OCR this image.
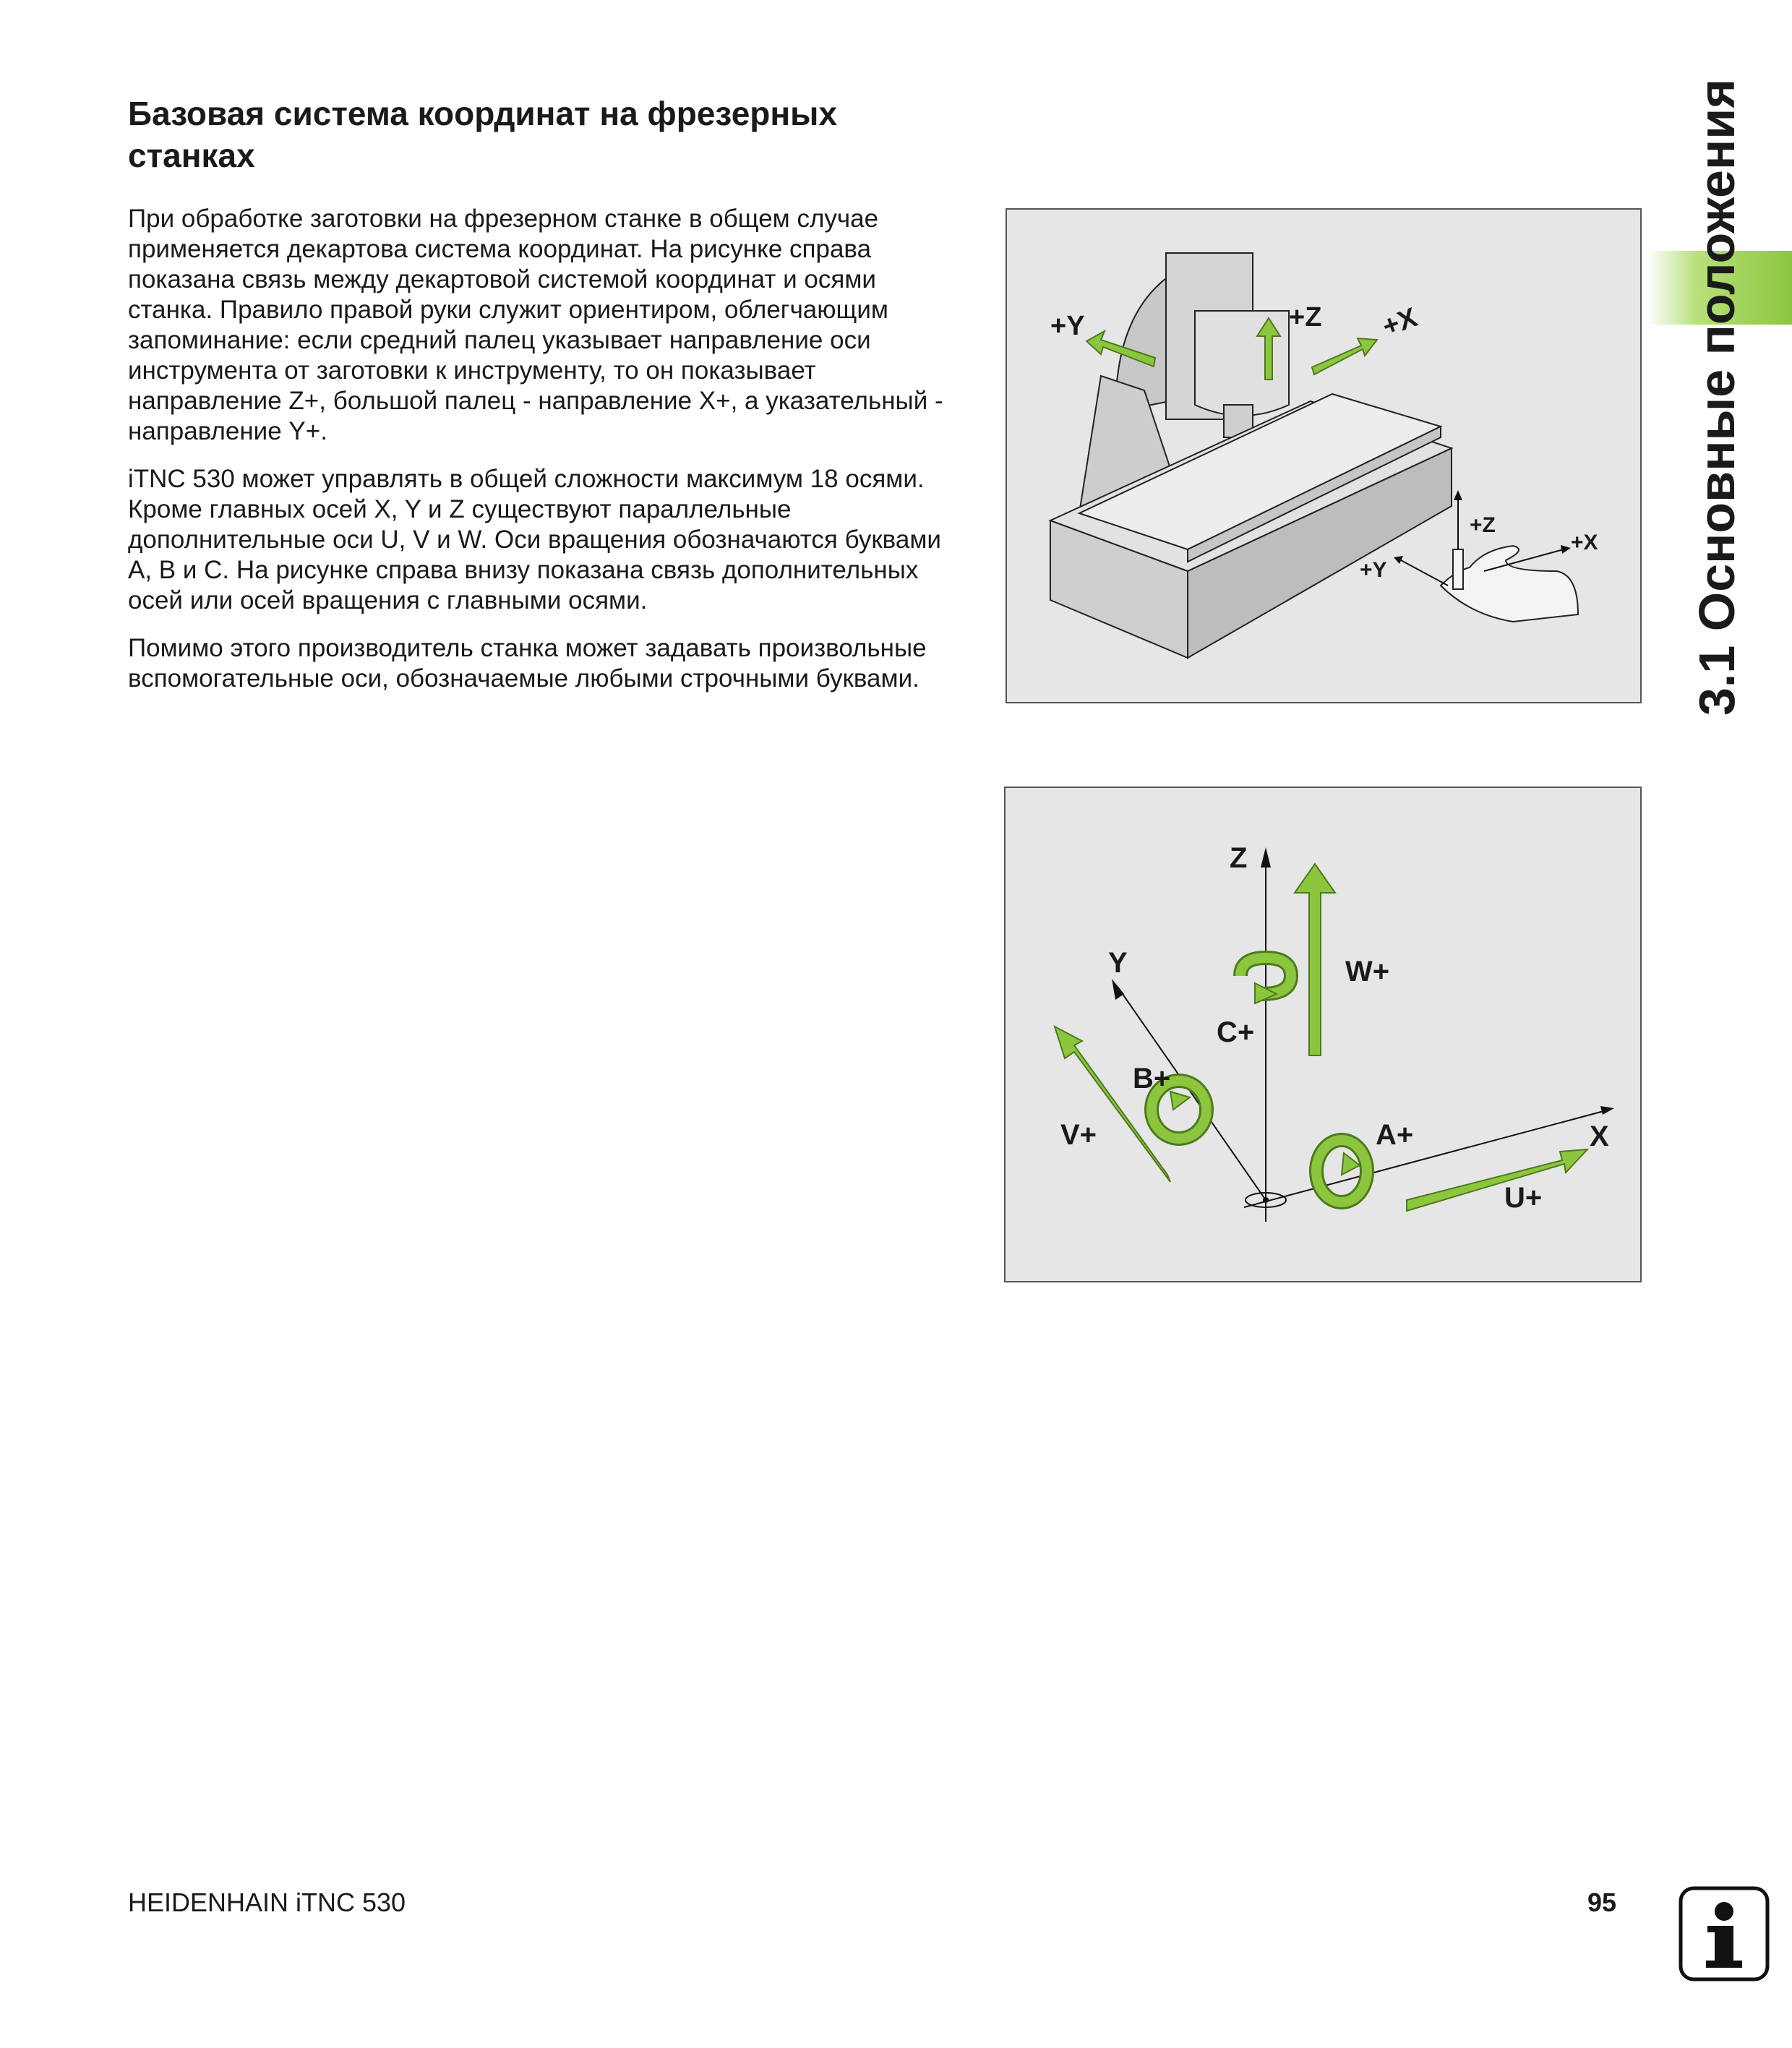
Базовая система координат на фрезерных станках

При обработке заготовки на фрезерном станке в общем случае применяется декартова система координат. На рисунке справа показана связь между декартовой системой координат и осями станка. Правило правой руки служит ориентиром, облегчающим запоминание: если средний палец указывает направление оси инструмента от заготовки к инструменту, то он показывает направление Z+, большой палец - направление X+, а указательный - направление Y+.

iTNC 530 может управлять в общей сложности максимум 18 осями. Кроме главных осей X, Y и Z существуют параллельные дополнительные оси U, V и W. Оси вращения обозначаются буквами A, B и C. На рисунке справа внизу показана связь дополнительных осей или осей вращения с главными осями.

Помимо этого производитель станка может задавать произвольные вспомогательные оси, обозначаемые любыми строчными буквами.

+Y	+Z +X
+Z
+X
+Y
Z
Y
X
W+
C+
B+
V+	A+
U+
3.1 Основные положения
HEIDENHAIN iTNC 530	95
